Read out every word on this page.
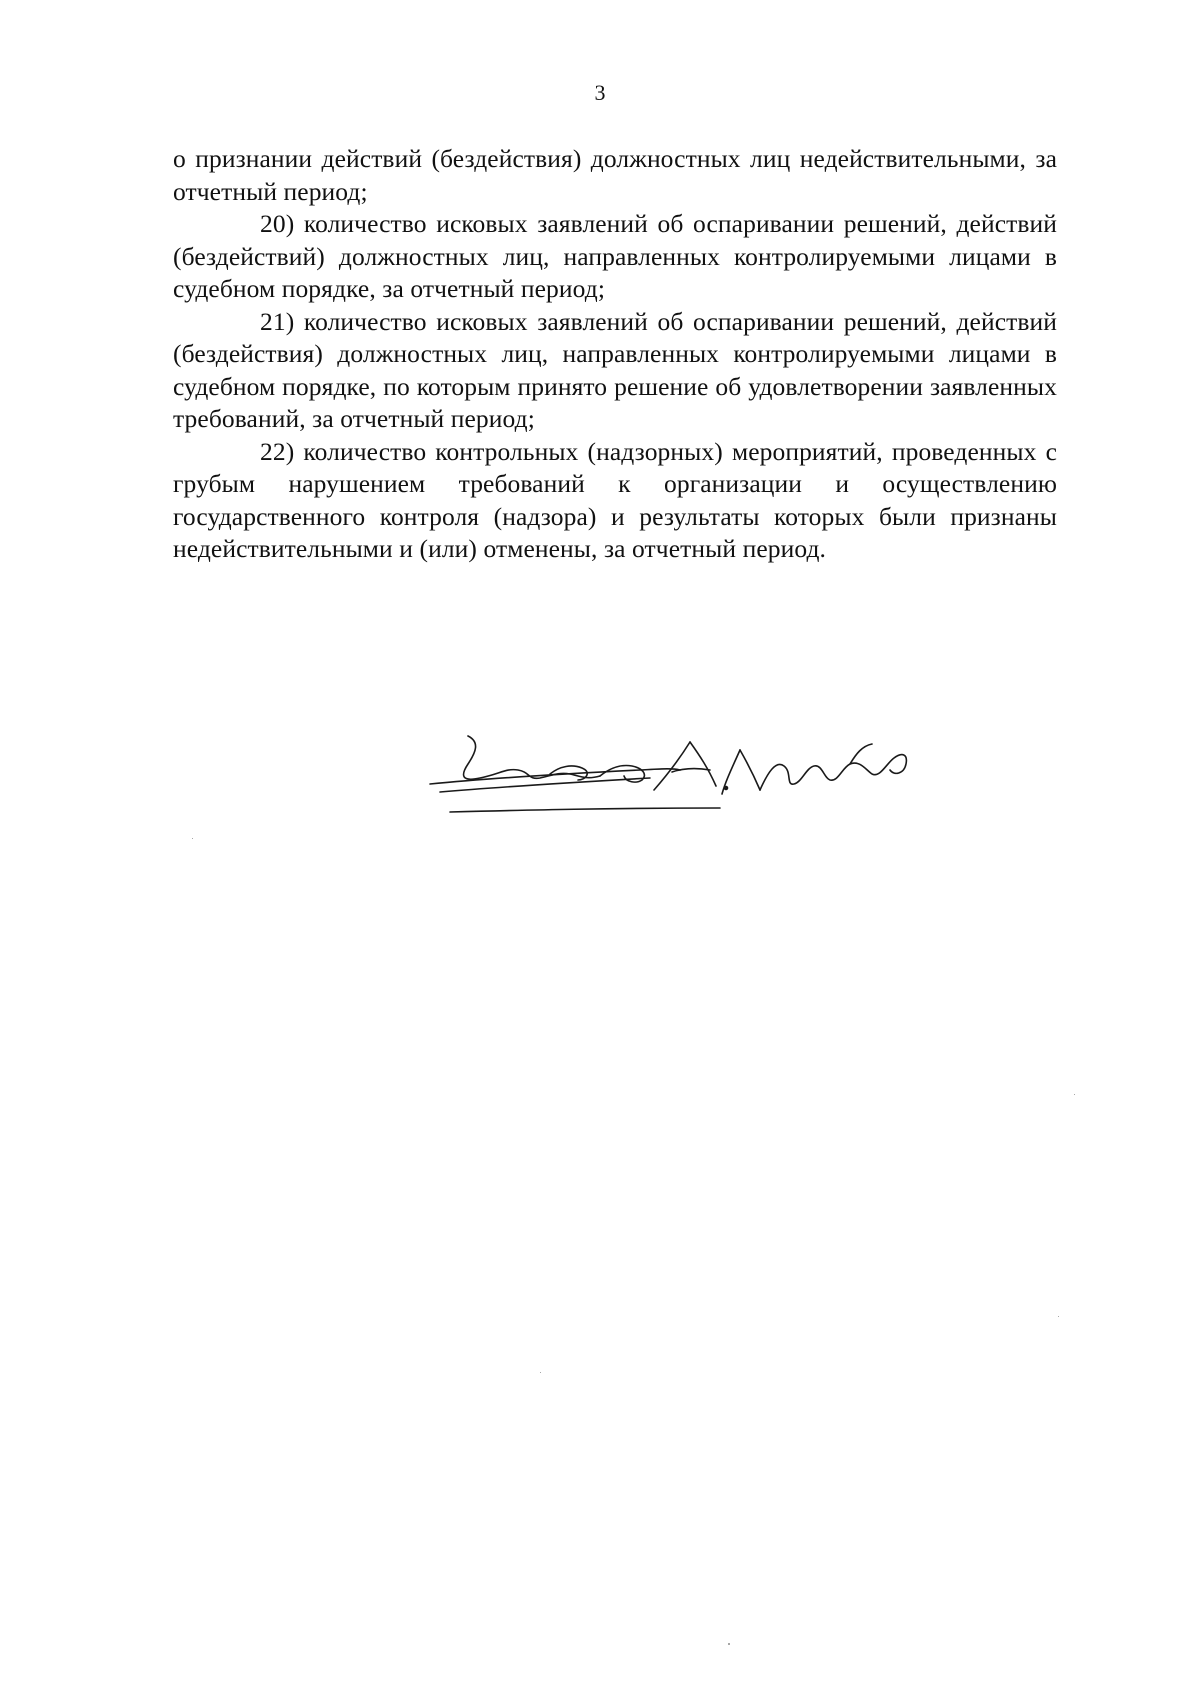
3

о признании действий (бездействия) должностных лиц недействительными, за отчетный период;

20) количество исковых заявлений об оспаривании решений, действий (бездействий) должностных лиц, направленных контролируемыми лицами в судебном порядке, за отчетный период;

21) количество исковых заявлений об оспаривании решений, действий (бездействия) должностных лиц, направленных контролируемыми лицами в судебном порядке, по которым принято решение об удовлетворении заявленных требований, за отчетный период;

22) количество контрольных (надзорных) мероприятий, проведенных с грубым нарушением требований к организации и осуществлению государственного контроля (надзора) и результаты которых были признаны недействительными и (или) отменены, за отчетный период.
